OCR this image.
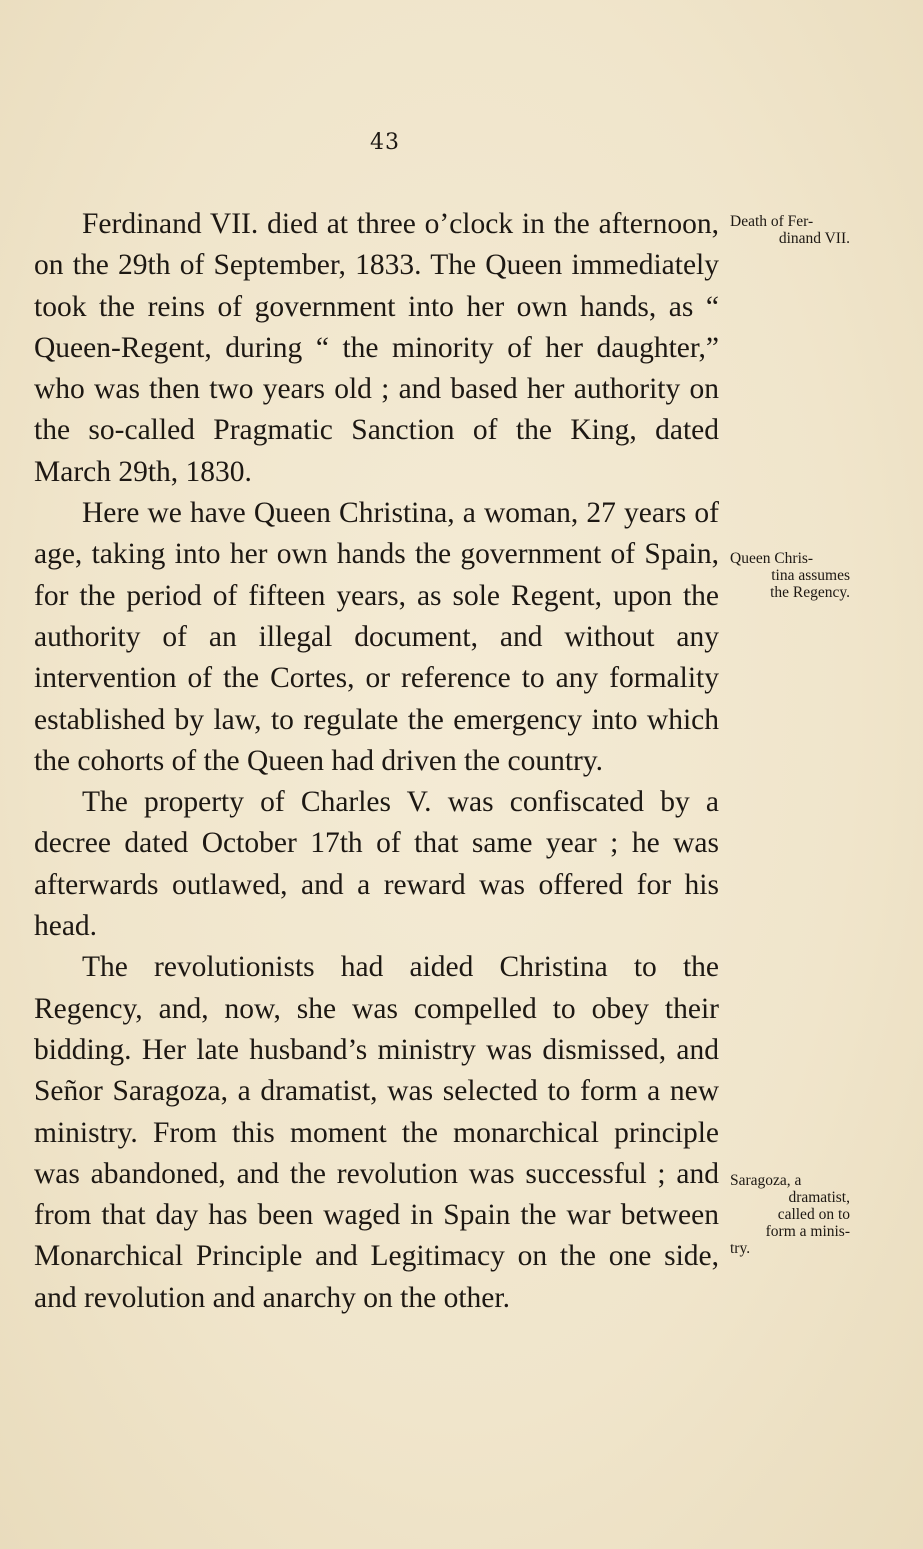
43

Ferdinand VII. died at three o’clock in the afternoon, on the 29th of September, 1833. The Queen immediately took the reins of government into her own hands, as “ Queen-Regent, during “ the minority of her daughter,” who was then two years old ; and based her authority on the so-called Pragmatic Sanction of the King, dated March 29th, 1830.

Here we have Queen Christina, a woman, 27 years of age, taking into her own hands the government of Spain, for the period of fifteen years, as sole Regent, upon the authority of an illegal document, and without any intervention of the Cortes, or reference to any formality established by law, to regulate the emergency into which the cohorts of the Queen had driven the country.

The property of Charles V. was confiscated by a decree dated October 17th of that same year ; he was afterwards outlawed, and a reward was offered for his head.

The revolutionists had aided Christina to the Regency, and, now, she was compelled to obey their bidding. Her late husband’s ministry was dismissed, and Señor Saragoza, a dramatist, was selected to form a new ministry. From this moment the monarchical principle was abandoned, and the revolution was successful ; and from that day has been waged in Spain the war between Monarchical Principle and Legitimacy on the one side, and revolution and anarchy on the other.

Death of Fer-
dinand VII.
Queen Chris-
tina assumes
the Regency.
Saragoza, a
dramatist,
called on to
form a minis-
try.
